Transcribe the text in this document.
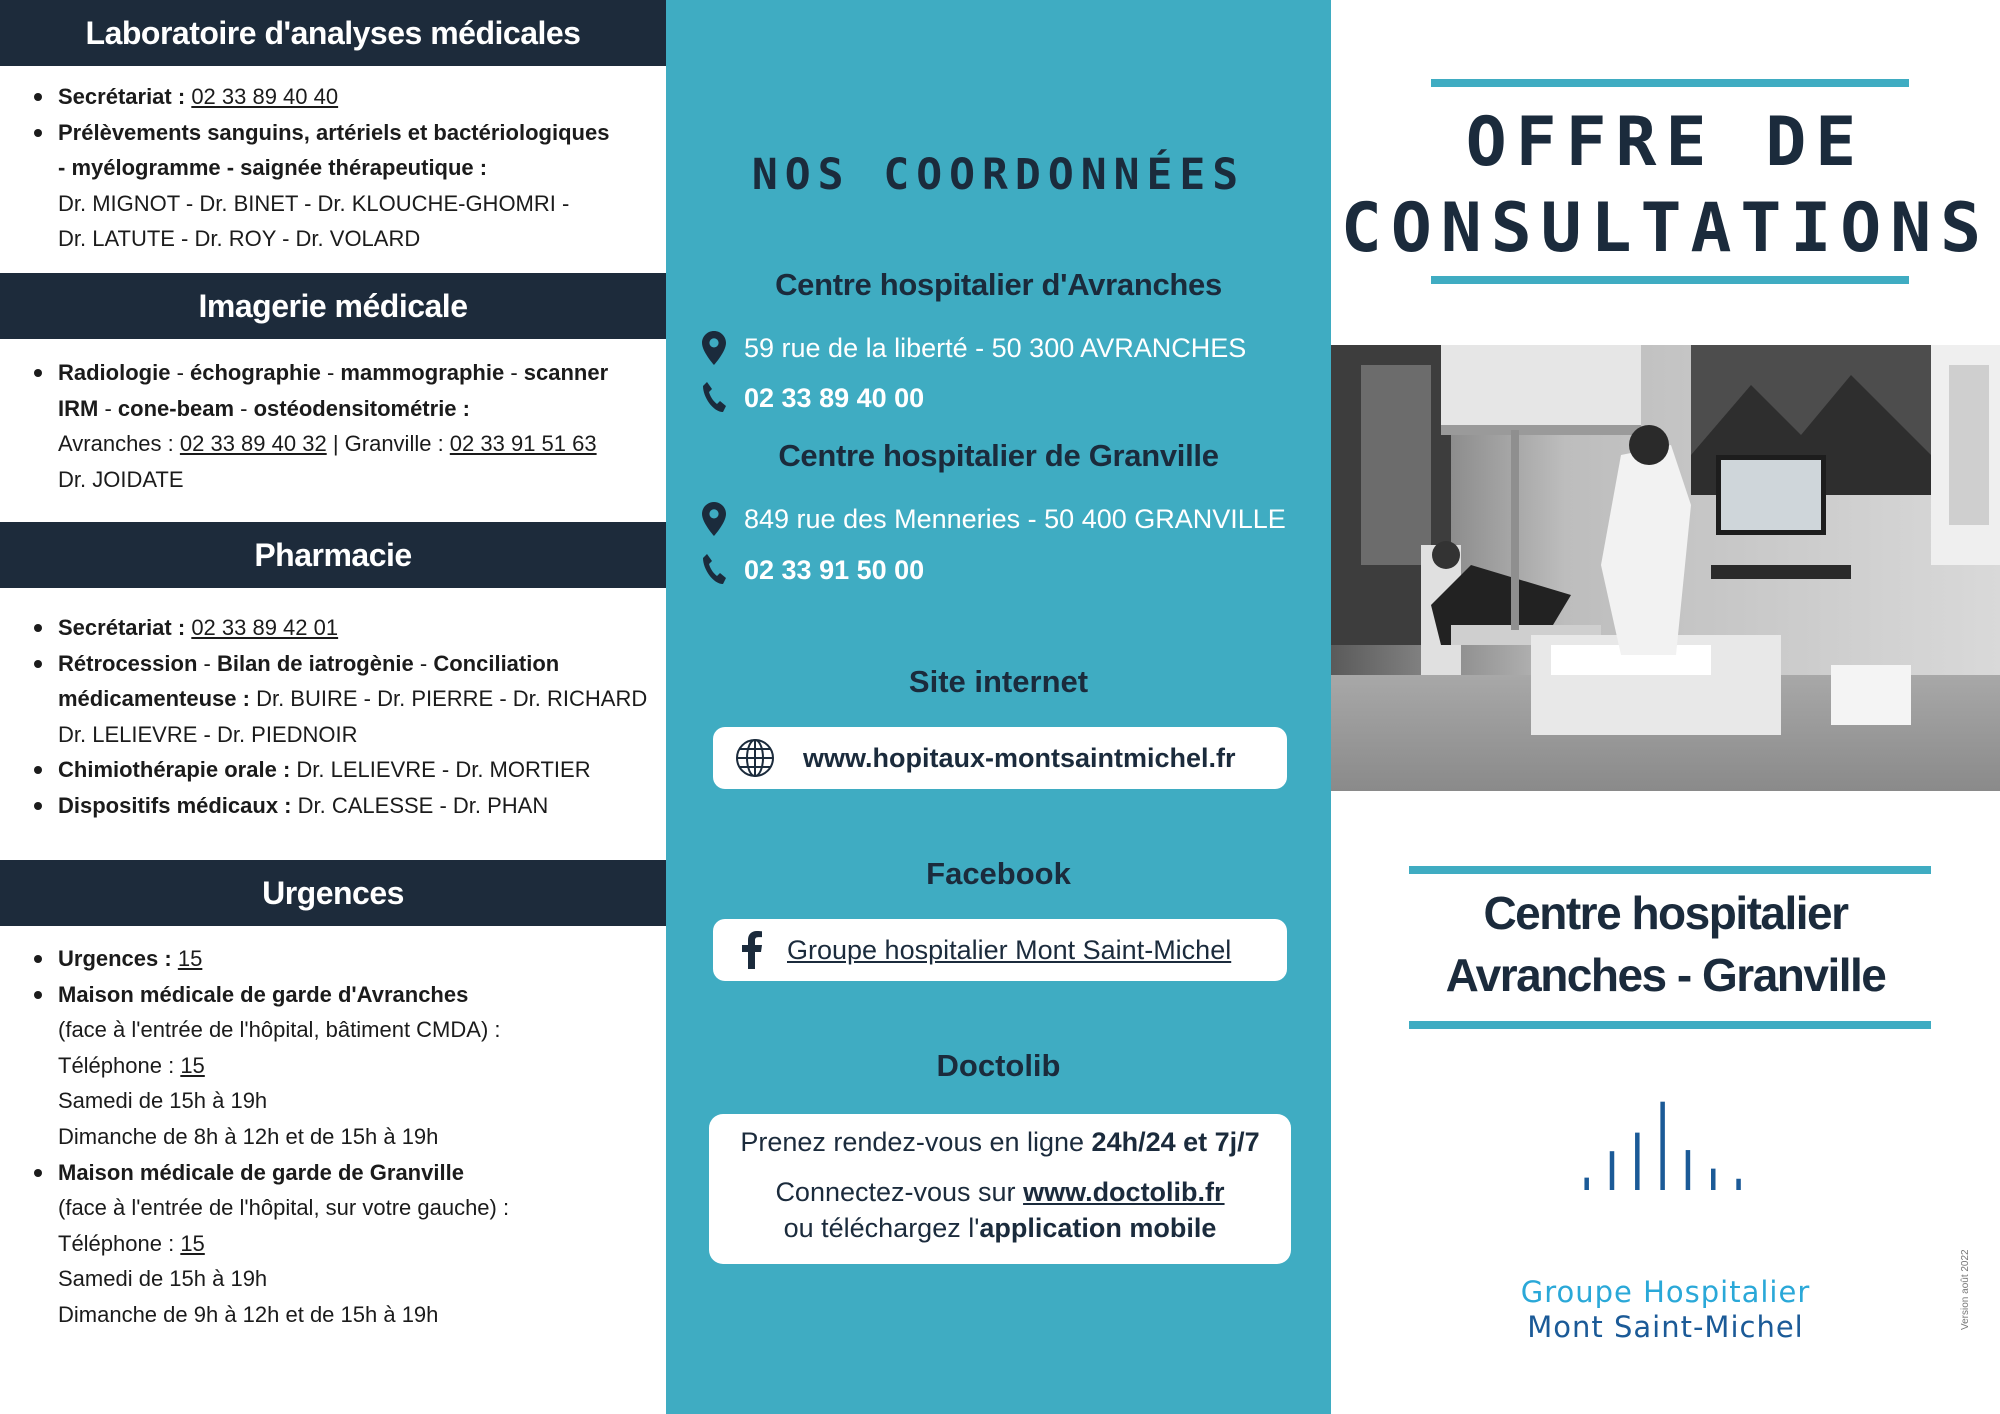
Laboratoire d'analyses médicales
Secrétariat : 02 33 89 40 40
Prélèvements sanguins, artériels et bactériologiques
- myélogramme - saignée thérapeutique :
Dr. MIGNOT - Dr. BINET - Dr. KLOUCHE-GHOMRI -
Dr. LATUTE - Dr. ROY - Dr. VOLARD
Imagerie médicale
Radiologie - échographie - mammographie - scanner
IRM - cone-beam - ostéodensitométrie :
Avranches : 02 33 89 40 32 | Granville : 02 33 91 51 63
Dr. JOIDATE
Pharmacie
Secrétariat : 02 33 89 42 01
Rétrocession - Bilan de iatrogènie - Conciliation
médicamenteuse : Dr. BUIRE - Dr. PIERRE - Dr. RICHARD
Dr. LELIEVRE - Dr. PIEDNOIR
Chimiothérapie orale : Dr. LELIEVRE - Dr. MORTIER
Dispositifs médicaux : Dr. CALESSE - Dr. PHAN
Urgences
Urgences : 15
Maison médicale de garde d'Avranches
(face à l'entrée de l'hôpital, bâtiment CMDA) :
Téléphone : 15
Samedi de 15h à 19h
Dimanche de 8h à 12h et de 15h à 19h
Maison médicale de garde de Granville
(face à l'entrée de l'hôpital, sur votre gauche) :
Téléphone : 15
Samedi de 15h à 19h
Dimanche de 9h à 12h et de 15h à 19h
NOS COORDONNÉES
Centre hospitalier d'Avranches
59 rue de la liberté - 50 300 AVRANCHES
02 33 89 40 00
Centre hospitalier de Granville
849 rue des Menneries - 50 400 GRANVILLE
02 33 91 50 00
Site internet
www.hopitaux-montsaintmichel.fr
Facebook
Groupe hospitalier Mont Saint-Michel
Doctolib
Prenez rendez-vous en ligne 24h/24 et 7j/7
Connectez-vous sur www.doctolib.fr
ou téléchargez l'application mobile
OFFRE DE
CONSULTATIONS
Centre hospitalier
Avranches - Granville
Groupe Hospitalier
Mont Saint-Michel	Version août 2022
